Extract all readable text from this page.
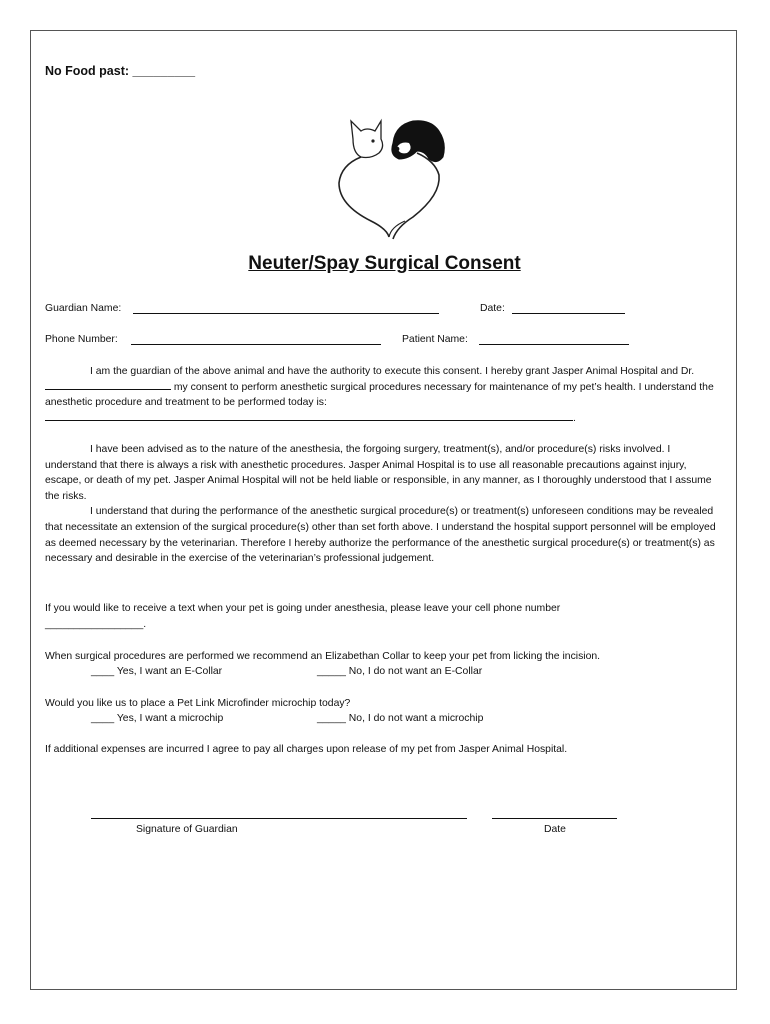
No Food past: _________
Neuter/Spay Surgical Consent
Guardian Name:	Date:
Phone Number:	Patient Name:

I am the guardian of the above animal and have the authority to execute this consent. I hereby grant Jasper Animal Hospital and Dr.  my consent to perform anesthetic surgical procedures necessary for maintenance of my pet’s health. I understand the anesthetic procedure and treatment to be performed today is:

.

I have been advised as to the nature of the anesthesia, the forgoing surgery, treatment(s), and/or procedure(s) risks involved. I understand that there is always a risk with anesthetic procedures. Jasper Animal Hospital is to use all reasonable precautions against injury, escape, or death of my pet. Jasper Animal Hospital will not be held liable or responsible, in any manner, as I thoroughly understood that I assume the risks.

I understand that during the performance of the anesthetic surgical procedure(s) or treatment(s) unforeseen conditions may be revealed that necessitate an extension of the surgical procedure(s) other than set forth above. I understand the hospital support personnel will be employed as deemed necessary by the veterinarian. Therefore I hereby authorize the performance of the anesthetic surgical procedure(s) or treatment(s) as necessary and desirable in the exercise of the veterinarian’s professional judgement.

If you would like to receive a text when your pet is going under anesthesia, please leave your cell phone number
_________________.
When surgical procedures are performed we recommend an Elizabethan Collar to keep your pet from licking the incision.
____ Yes, I want an E-Collar	_____ No, I do not want an E-Collar
Would you like us to place a Pet Link Microfinder microchip today?
____ Yes, I want a microchip	_____ No, I do not want a microchip
If additional expenses are incurred I agree to pay all charges upon release of my pet from Jasper Animal Hospital.
Signature of Guardian	Date
